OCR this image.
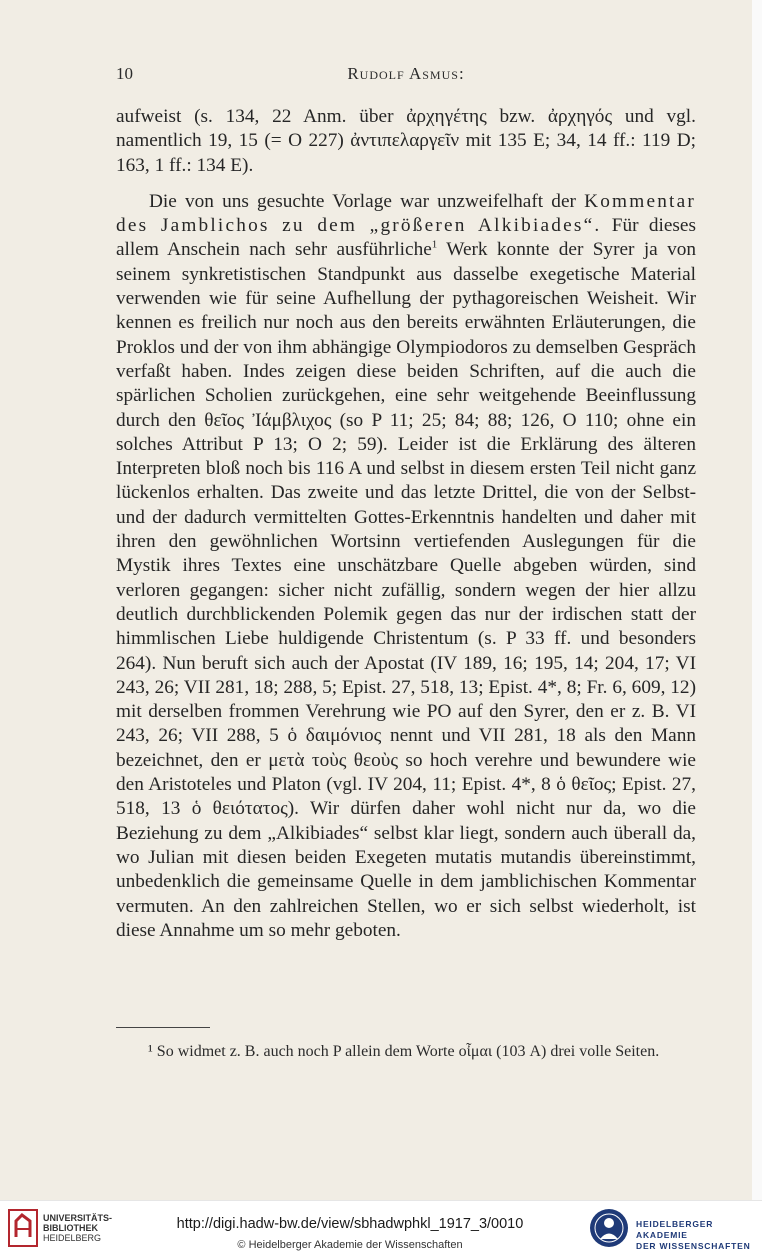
10	Rudolf Asmus:

aufweist (s. 134, 22 Anm. über ἀρχηγέτης bzw. ἀρχηγός und vgl. namentlich 19, 15 (= O 227) ἀντιπελαργεῖν mit 135 E; 34, 14 ff.: 119 D; 163, 1 ff.: 134 E).

Die von uns gesuchte Vorlage war unzweifelhaft der Kommentar des Jamblichos zu dem „größeren Alkibiades“. Für dieses allem Anschein nach sehr ausführliche$^1$ Werk konnte der Syrer ja von seinem synkretistischen Standpunkt aus dasselbe exegetische Material verwenden wie für seine Aufhellung der pythagoreischen Weisheit. Wir kennen es freilich nur noch aus den bereits erwähnten Erläuterungen, die Proklos und der von ihm abhängige Olympiodoros zu demselben Gespräch verfaßt haben. Indes zeigen diese beiden Schriften, auf die auch die spärlichen Scholien zurückgehen, eine sehr weitgehende Beeinflussung durch den θεῖος Ἰάμβλιχος (so P 11; 25; 84; 88; 126, O 110; ohne ein solches Attribut P 13; O 2; 59). Leider ist die Erklärung des älteren Interpreten bloß noch bis 116 A und selbst in diesem ersten Teil nicht ganz lückenlos erhalten. Das zweite und das letzte Drittel, die von der Selbst- und der dadurch vermittelten Gottes-Erkenntnis handelten und daher mit ihren den gewöhnlichen Wortsinn vertiefenden Auslegungen für die Mystik ihres Textes eine unschätzbare Quelle abgeben würden, sind verloren gegangen: sicher nicht zufällig, sondern wegen der hier allzu deutlich durchblickenden Polemik gegen das nur der irdischen statt der himmlischen Liebe huldigende Christentum (s. P 33 ff. und besonders 264). Nun beruft sich auch der Apostat (IV 189, 16; 195, 14; 204, 17; VI 243, 26; VII 281, 18; 288, 5; Epist. 27, 518, 13; Epist. 4*, 8; Fr. 6, 609, 12) mit derselben frommen Verehrung wie PO auf den Syrer, den er z. B. VI 243, 26; VII 288, 5 ὁ δαιμόνιος nennt und VII 281, 18 als den Mann bezeichnet, den er μετὰ τοὺς θεοὺς so hoch verehre und bewundere wie den Aristoteles und Platon (vgl. IV 204, 11; Epist. 4*, 8 ὁ θεῖος; Epist. 27, 518, 13 ὁ θειότατος). Wir dürfen daher wohl nicht nur da, wo die Beziehung zu dem „Alkibiades“ selbst klar liegt, sondern auch überall da, wo Julian mit diesen beiden Exegeten mutatis mutandis übereinstimmt, unbedenklich die gemeinsame Quelle in dem jamblichischen Kommentar vermuten. An den zahlreichen Stellen, wo er sich selbst wiederholt, ist diese Annahme um so mehr geboten.

¹ So widmet z. B. auch noch P allein dem Worte οἶμαι (103 A) drei volle Seiten.
UNIVERSITÄTS-
BIBLIOTHEK
HEIDELBERG
http://digi.hadw-bw.de/view/sbhadwphkl_1917_3/0010
© Heidelberger Akademie der Wissenschaften
HEIDELBERGER AKADEMIE
DER WISSENSCHAFTEN
